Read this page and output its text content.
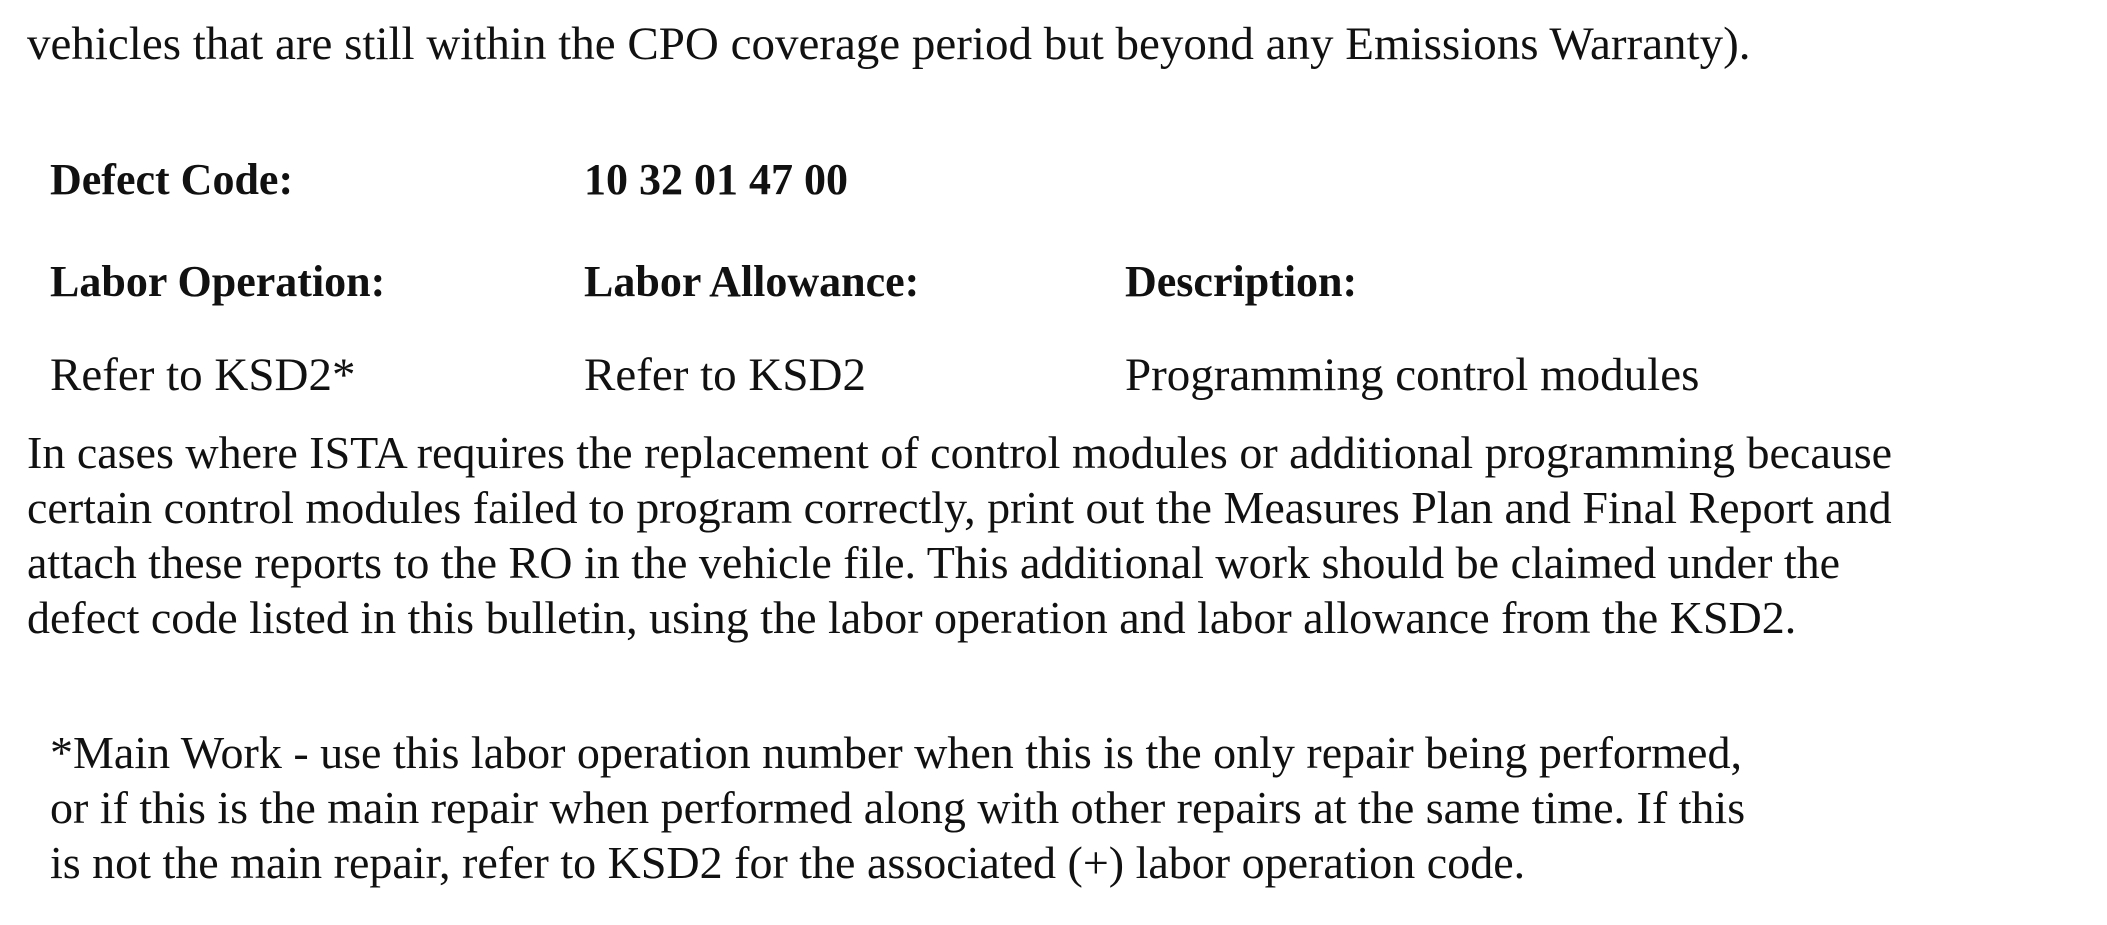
vehicles that are still within the CPO coverage period but beyond any Emissions Warranty).
Defect Code:	10 32 01 47 00
Labor Operation:	Labor Allowance:	Description:
Refer to KSD2*	Refer to KSD2	Programming control modules
In cases where ISTA requires the replacement of control modules or additional programming because
certain control modules failed to program correctly, print out the Measures Plan and Final Report and
attach these reports to the RO in the vehicle file. This additional work should be claimed under the
defect code listed in this bulletin, using the labor operation and labor allowance from the KSD2.
*Main Work - use this labor operation number when this is the only repair being performed,
or if this is the main repair when performed along with other repairs at the same time. If this
is not the main repair, refer to KSD2 for the associated (+) labor operation code.
